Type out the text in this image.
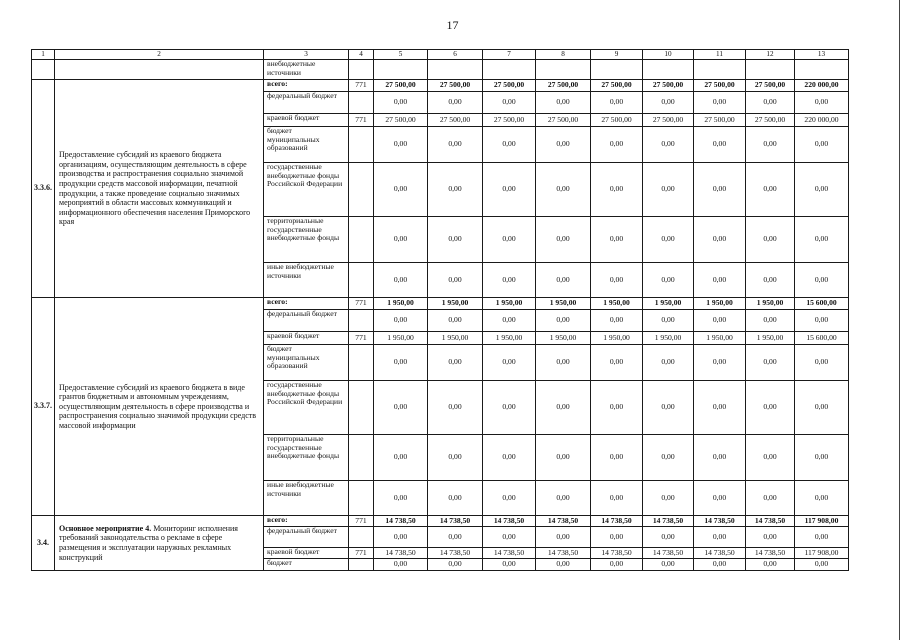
17
1	2	3	4	5	6	7	8	9	10	11	12	13
		внебюджетные источники										
3.3.6.	Предоставление субсидий из краевого бюджета организациям, осуществляющим деятельность в сфере производства и распространения социально значимой продукции средств массовой информации, печатной продукции, а также проведение социально значимых мероприятий в области массовых коммуникаций и информационного обеспечения населения Приморского края	всего:	771	27 500,00	27 500,00	27 500,00	27 500,00	27 500,00	27 500,00	27 500,00	27 500,00	220 000,00
		федеральный бюджет		0,00	0,00	0,00	0,00	0,00	0,00	0,00	0,00	0,00
		краевой бюджет	771	27 500,00	27 500,00	27 500,00	27 500,00	27 500,00	27 500,00	27 500,00	27 500,00	220 000,00
		бюджет муниципальных образований		0,00	0,00	0,00	0,00	0,00	0,00	0,00	0,00	0,00
		государственные внебюджетные фонды Российской Федерации		0,00	0,00	0,00	0,00	0,00	0,00	0,00	0,00	0,00
		территориальные государственные внебюджетные фонды		0,00	0,00	0,00	0,00	0,00	0,00	0,00	0,00	0,00
		иные внебюджетные источники		0,00	0,00	0,00	0,00	0,00	0,00	0,00	0,00	0,00
3.3.7.	Предоставление субсидий из краевого бюджета в виде грантов бюджетным и автономным учреждениям, осуществляющим деятельность в сфере производства и распространения социально значимой продукции средств массовой информации	всего:	771	1 950,00	1 950,00	1 950,00	1 950,00	1 950,00	1 950,00	1 950,00	1 950,00	15 600,00
		федеральный бюджет		0,00	0,00	0,00	0,00	0,00	0,00	0,00	0,00	0,00
		краевой бюджет	771	1 950,00	1 950,00	1 950,00	1 950,00	1 950,00	1 950,00	1 950,00	1 950,00	15 600,00
		бюджет муниципальных образований		0,00	0,00	0,00	0,00	0,00	0,00	0,00	0,00	0,00
		государственные внебюджетные фонды Российской Федерации		0,00	0,00	0,00	0,00	0,00	0,00	0,00	0,00	0,00
		территориальные государственные внебюджетные фонды		0,00	0,00	0,00	0,00	0,00	0,00	0,00	0,00	0,00
		иные внебюджетные источники		0,00	0,00	0,00	0,00	0,00	0,00	0,00	0,00	0,00
3.4.	Основное мероприятие 4. Мониторинг исполнения требований законодательства о рекламе в сфере размещения и эксплуатации наружных рекламных конструкций	всего:	771	14 738,50	14 738,50	14 738,50	14 738,50	14 738,50	14 738,50	14 738,50	14 738,50	117 908,00
		федеральный бюджет		0,00	0,00	0,00	0,00	0,00	0,00	0,00	0,00	0,00
		краевой бюджет	771	14 738,50	14 738,50	14 738,50	14 738,50	14 738,50	14 738,50	14 738,50	14 738,50	117 908,00
		бюджет		0,00	0,00	0,00	0,00	0,00	0,00	0,00	0,00	0,00
